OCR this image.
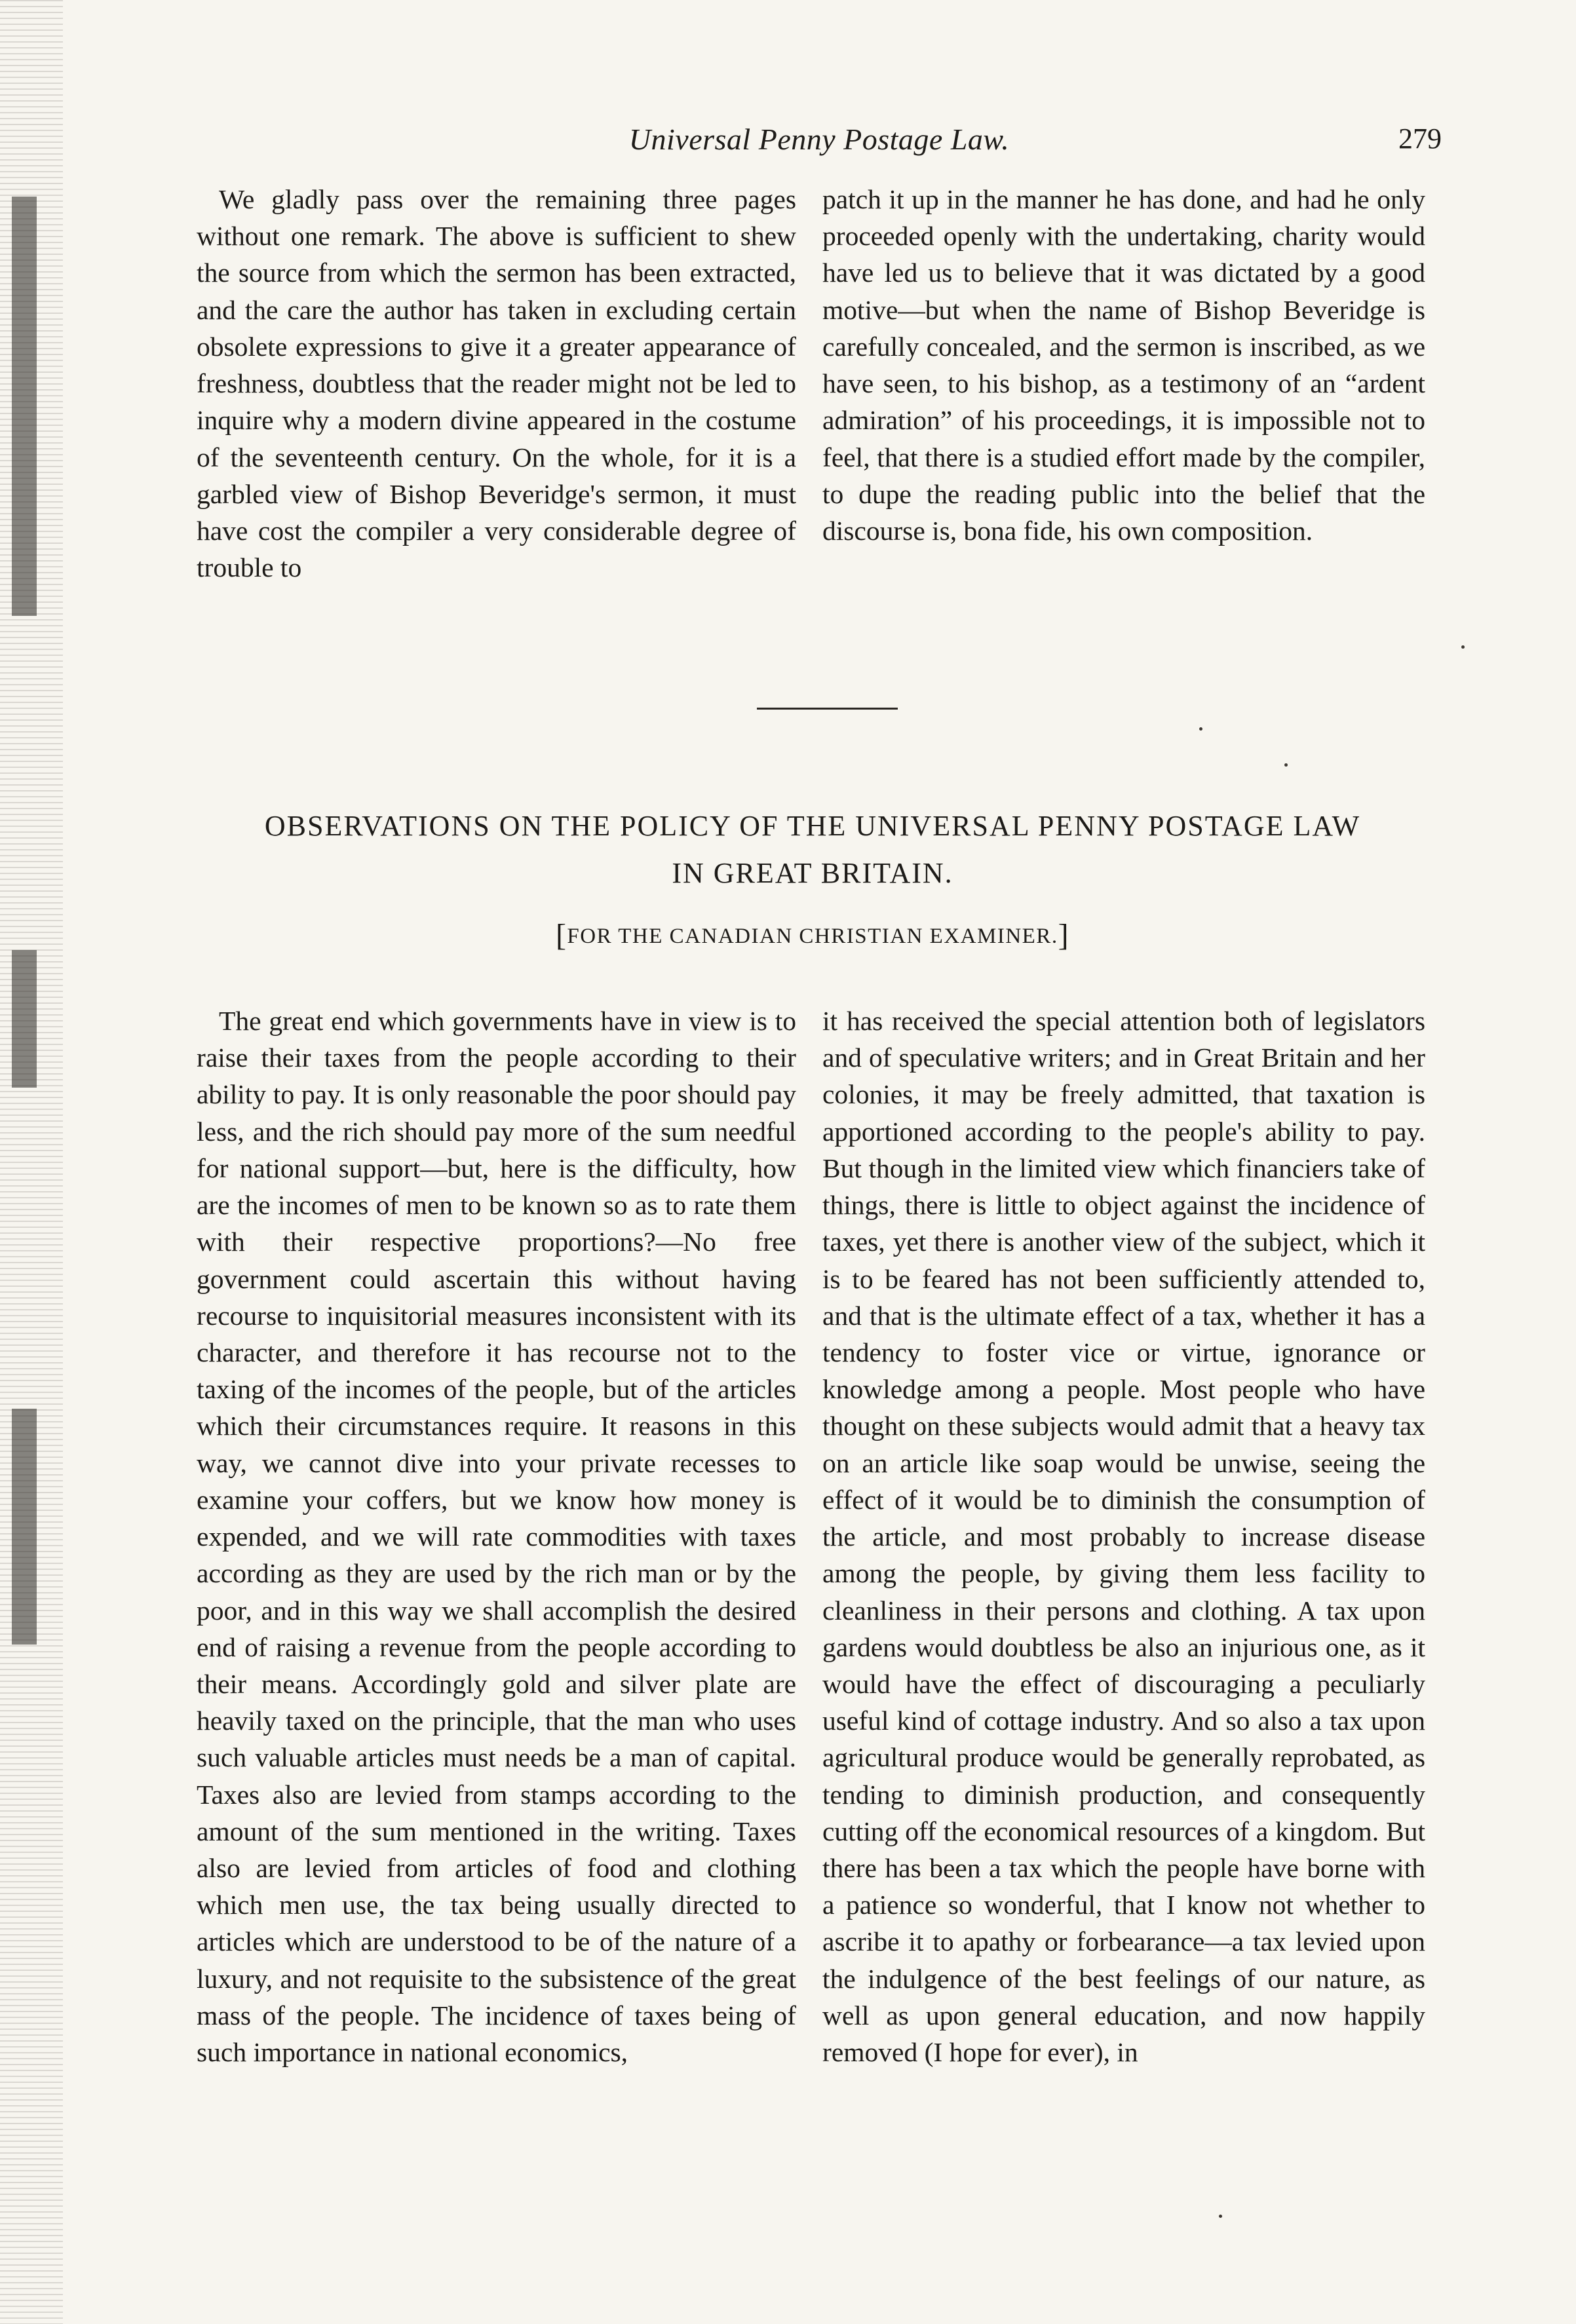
Universal Penny Postage Law.	279

We gladly pass over the remaining three pages without one remark. The above is sufficient to shew the source from which the sermon has been extracted, and the care the author has taken in excluding certain obsolete expressions to give it a greater appearance of freshness, doubtless that the reader might not be led to inquire why a modern divine appeared in the costume of the seventeenth century. On the whole, for it is a garbled view of Bishop Beveridge's sermon, it must have cost the compiler a very considerable degree of trouble to

patch it up in the manner he has done, and had he only proceeded openly with the undertaking, charity would have led us to believe that it was dictated by a good motive—but when the name of Bishop Beveridge is carefully concealed, and the sermon is inscribed, as we have seen, to his bishop, as a testimony of an “ardent admiration” of his proceedings, it is impossible not to feel, that there is a studied effort made by the compiler, to dupe the reading public into the belief that the discourse is, bona fide, his own composition.

OBSERVATIONS ON THE POLICY OF THE UNIVERSAL PENNY POSTAGE LAW
IN GREAT BRITAIN.
[FOR THE CANADIAN CHRISTIAN EXAMINER.]

The great end which governments have in view is to raise their taxes from the people according to their ability to pay. It is only reasonable the poor should pay less, and the rich should pay more of the sum needful for national support—but, here is the difficulty, how are the incomes of men to be known so as to rate them with their respective proportions?—No free government could ascertain this without having recourse to inquisitorial measures inconsistent with its character, and therefore it has recourse not to the taxing of the incomes of the people, but of the articles which their circumstances require. It reasons in this way, we cannot dive into your private recesses to examine your coffers, but we know how money is expended, and we will rate commodities with taxes according as they are used by the rich man or by the poor, and in this way we shall accomplish the desired end of raising a revenue from the people according to their means. Accordingly gold and silver plate are heavily taxed on the principle, that the man who uses such valuable articles must needs be a man of capital. Taxes also are levied from stamps according to the amount of the sum mentioned in the writing. Taxes also are levied from articles of food and clothing which men use, the tax being usually directed to articles which are understood to be of the nature of a luxury, and not requisite to the subsistence of the great mass of the people. The incidence of taxes being of such importance in national economics,

it has received the special attention both of legislators and of speculative writers; and in Great Britain and her colonies, it may be freely admitted, that taxation is apportioned according to the people's ability to pay. But though in the limited view which financiers take of things, there is little to object against the incidence of taxes, yet there is another view of the subject, which it is to be feared has not been sufficiently attended to, and that is the ultimate effect of a tax, whether it has a tendency to foster vice or virtue, ignorance or knowledge among a people. Most people who have thought on these subjects would admit that a heavy tax on an article like soap would be unwise, seeing the effect of it would be to diminish the consumption of the article, and most probably to increase disease among the people, by giving them less facility to cleanliness in their persons and clothing. A tax upon gardens would doubtless be also an injurious one, as it would have the effect of discouraging a peculiarly useful kind of cottage industry. And so also a tax upon agricultural produce would be generally reprobated, as tending to diminish production, and consequently cutting off the economical resources of a kingdom. But there has been a tax which the people have borne with a patience so wonderful, that I know not whether to ascribe it to apathy or forbearance—a tax levied upon the indulgence of the best feelings of our nature, as well as upon general education, and now happily removed (I hope for ever), in
